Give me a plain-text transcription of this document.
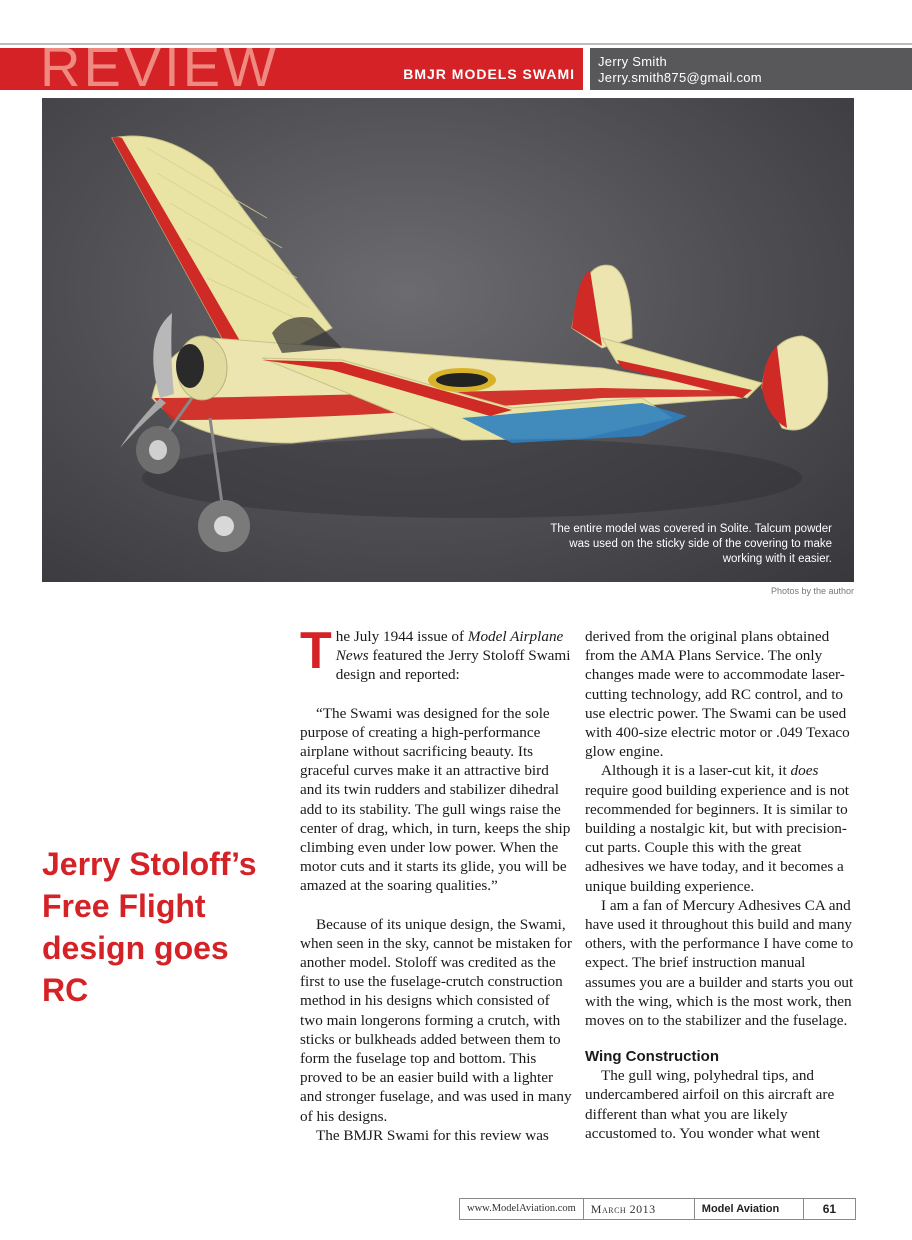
REVIEW	BMJR MODELS SWAMI
Jerry Smith
Jerry.smith875@gmail.com
The entire model was covered in Solite. Talcum powder was used on the sticky side of the covering to make working with it easier.
Photos by the author
Jerry Stoloff’s Free Flight design goes RC

The July 1944 issue of Model Airplane News featured the Jerry Stoloff Swami design and reported:

“The Swami was designed for the sole purpose of creating a high-performance airplane without sacrificing beauty. Its graceful curves make it an attractive bird and its twin rudders and stabilizer dihedral add to its stability. The gull wings raise the center of drag, which, in turn, keeps the ship climbing even under low power. When the motor cuts and it starts its glide, you will be amazed at the soaring qualities.”

Because of its unique design, the Swami, when seen in the sky, cannot be mistaken for another model. Stoloff was credited as the first to use the fuselage-crutch construction method in his designs which consisted of two main longerons forming a crutch, with sticks or bulkheads added between them to form the fuselage top and bottom. This proved to be an easier build with a lighter and stronger fuselage, and was used in many of his designs.

The BMJR Swami for this review was

derived from the original plans obtained from the AMA Plans Service. The only changes made were to accommodate laser-cutting technology, add RC control, and to use electric power. The Swami can be used with 400-size electric motor or .049 Texaco glow engine.

Although it is a laser-cut kit, it does require good building experience and is not recommended for beginners. It is similar to building a nostalgic kit, but with precision-cut parts. Couple this with the great adhesives we have today, and it becomes a unique building experience.

I am a fan of Mercury Adhesives CA and have used it throughout this build and many others, with the performance I have come to expect. The brief instruction manual assumes you are a builder and starts you out with the wing, which is the most work, then moves on to the stabilizer and the fuselage.

Wing Construction

The gull wing, polyhedral tips, and undercambered airfoil on this aircraft are different than what you are likely accustomed to. You wonder what went

www.ModelAviation.com	March 2013	Model Aviation	61
